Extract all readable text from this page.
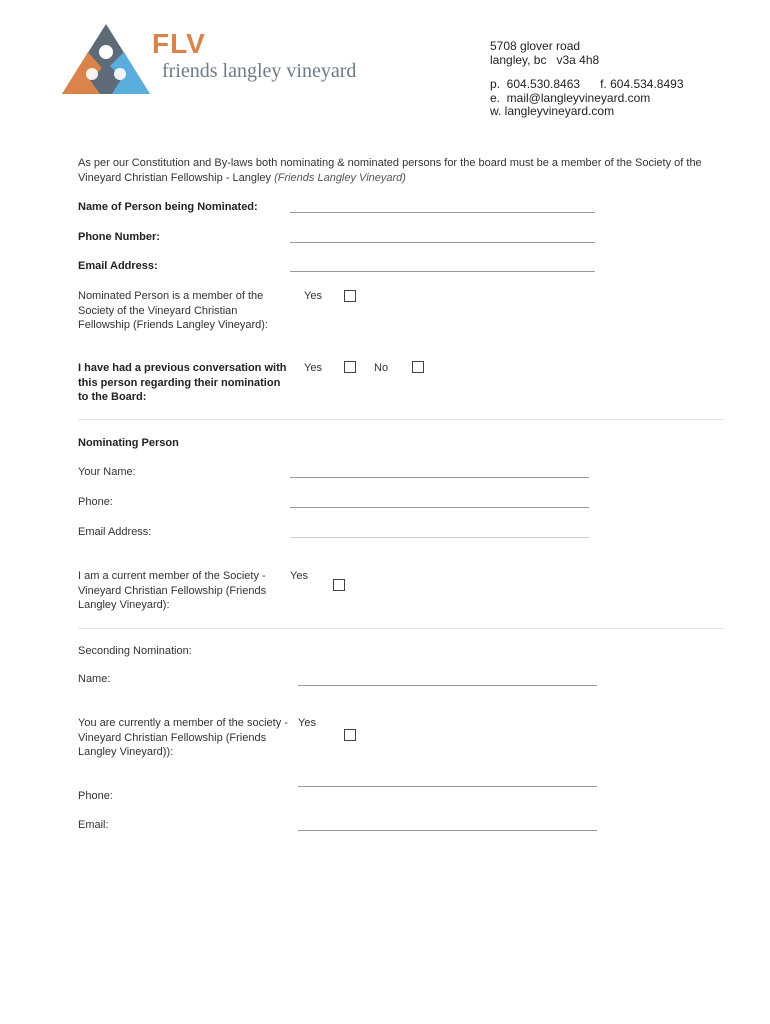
FLV
friends langley vineyard
5708 glover road
langley, bc   v3a 4h8
p.  604.530.8463 f. 604.534.8493
e.  mail@langleyvineyard.com
w. langleyvineyard.com
As per our Constitution and By-laws both nominating & nominated persons for the board must be a member of the Society of the Vineyard Christian Fellowship - Langley (Friends Langley Vineyard)
Name of Person being Nominated:
Phone Number:
Email Address:
Nominated Person is a member of the Society of the Vineyard Christian Fellowship (Friends Langley Vineyard):
Yes
I have had a previous conversation with this person regarding their nomination to the Board:
Yes	No
Nominating Person
Your Name:
Phone:
Email Address:
I am a current member of the Society - Vineyard Christian Fellowship (Friends Langley Vineyard):
Yes
Seconding Nomination:
Name:
You are currently a member of the society - Vineyard Christian Fellowship (Friends Langley Vineyard)):
Yes
Phone:
Email:
